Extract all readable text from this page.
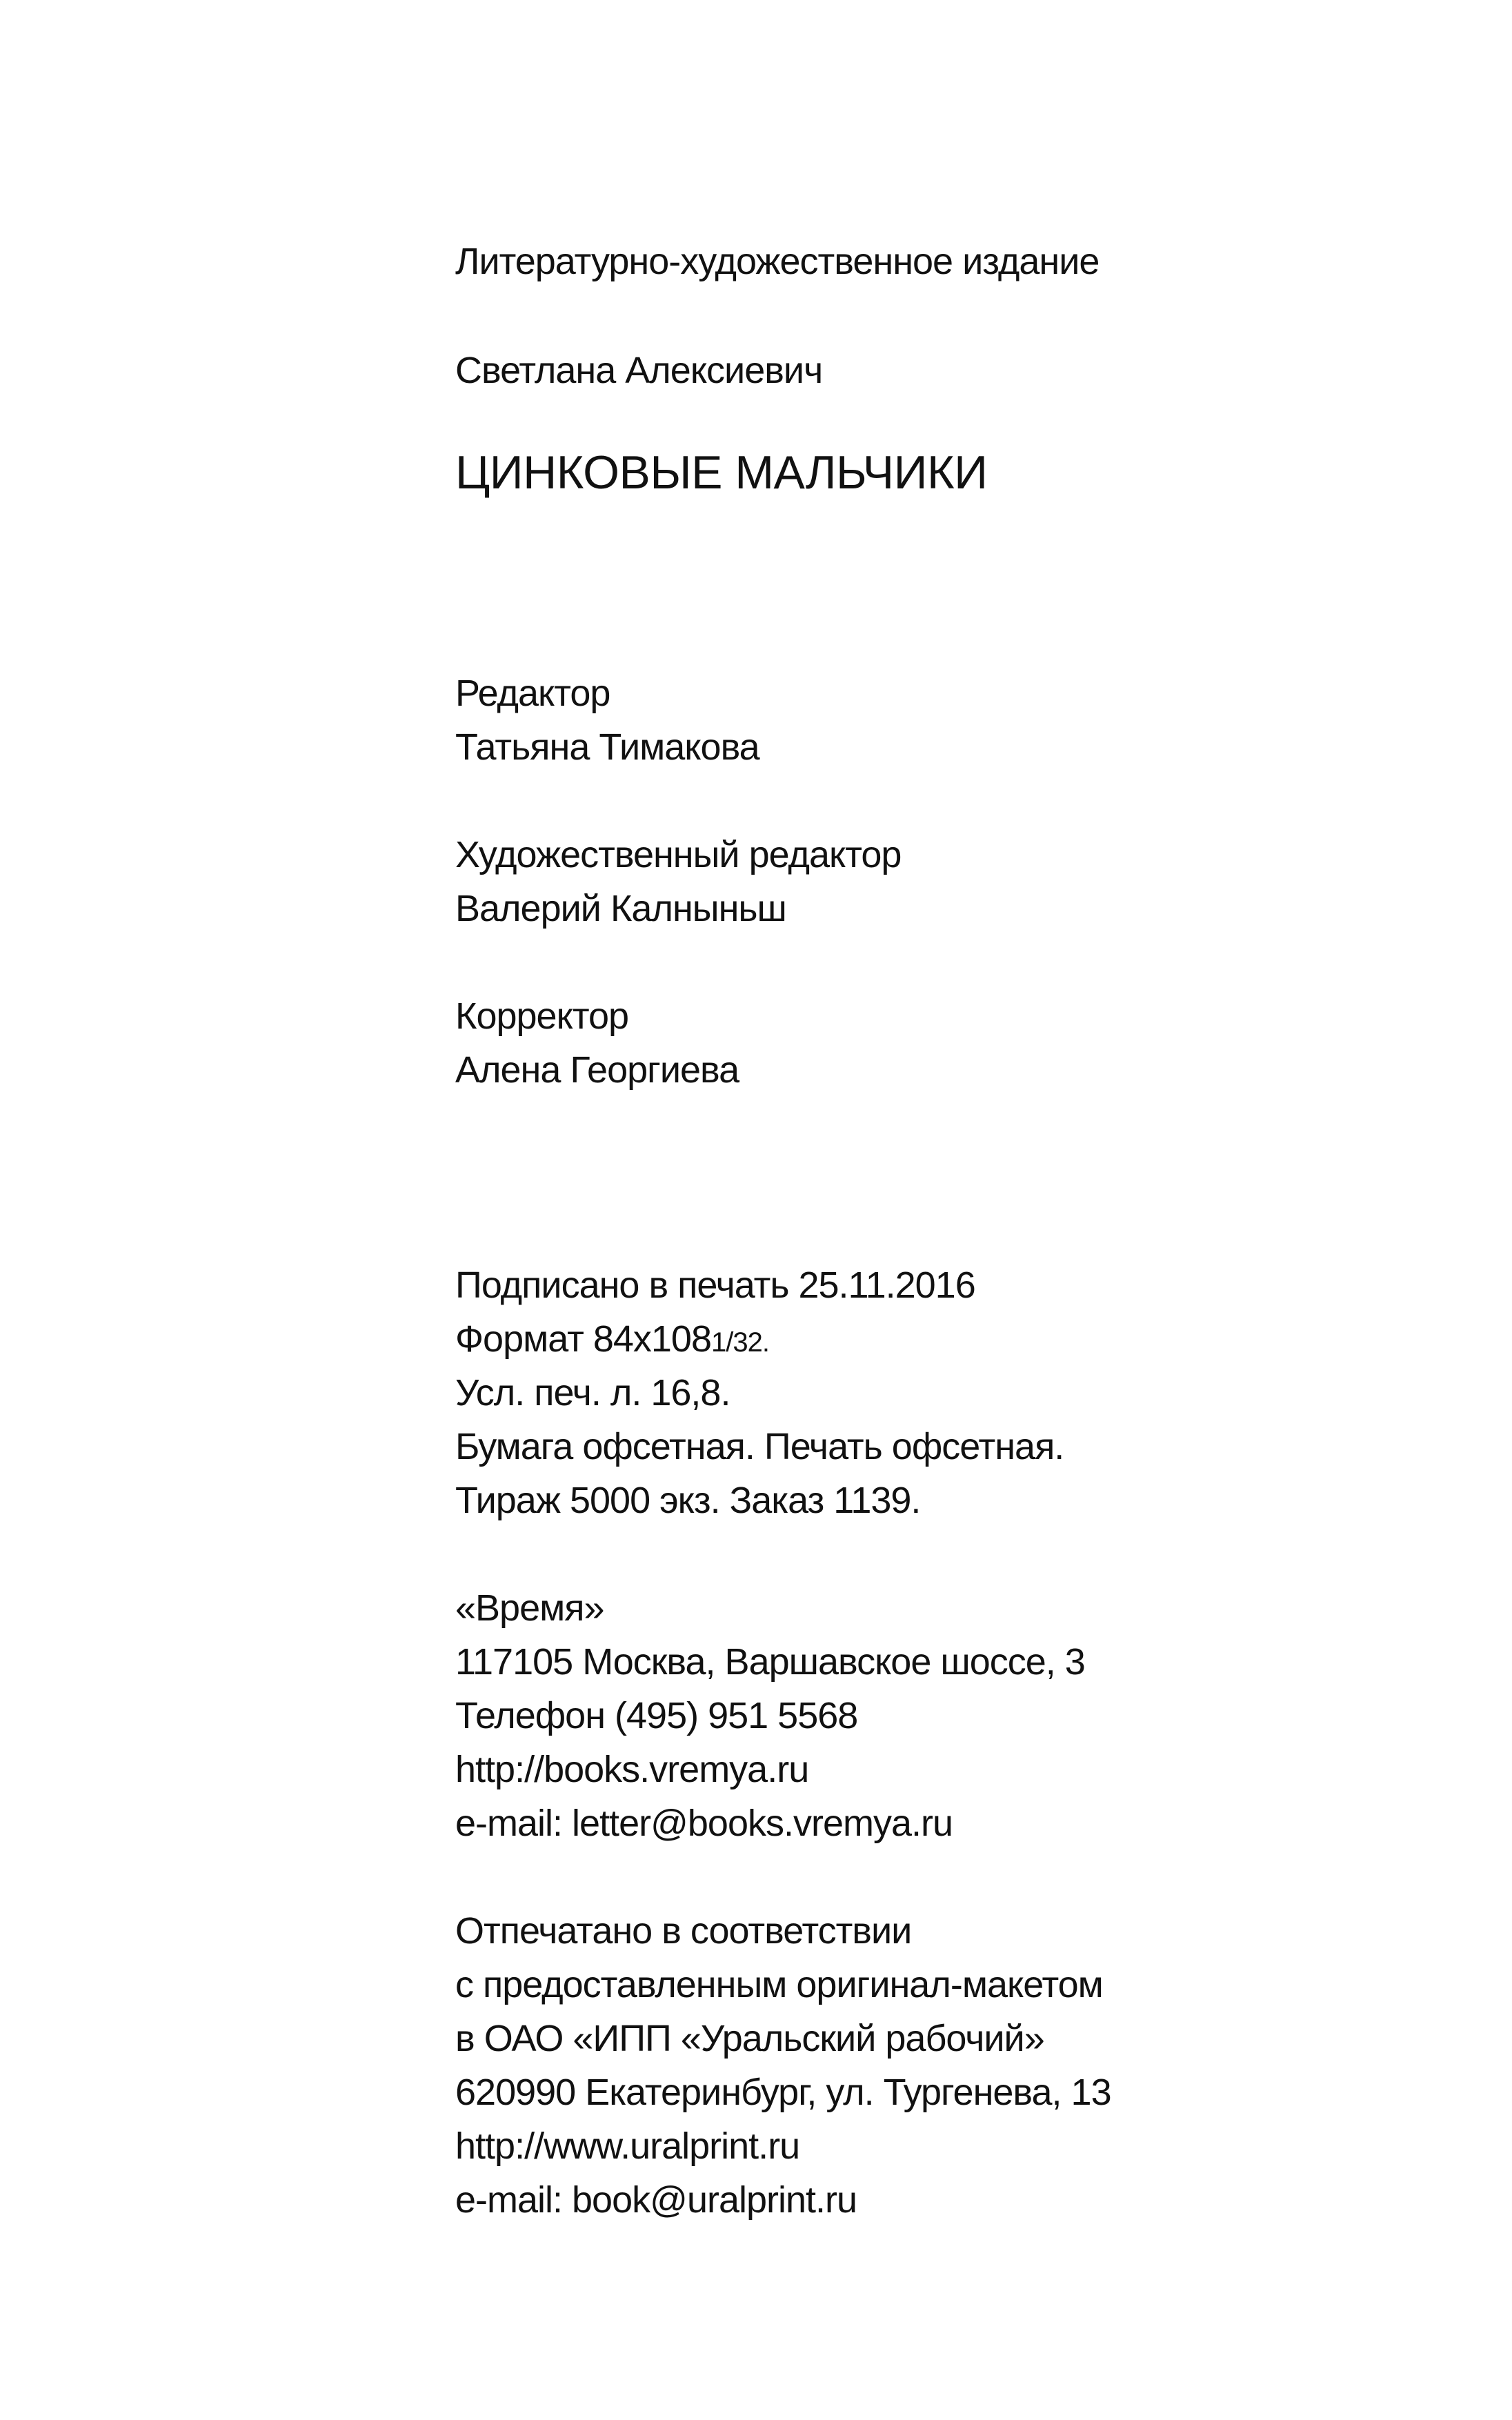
Литературно-художественное издание
Светлана Алексиевич
ЦИНКОВЫЕ МАЛЬЧИКИ
Редактор
Татьяна Тимакова
Художественный редактор
Валерий Калныньш
Корректор
Алена Георгиева
Подписано в печать 25.11.2016
Формат 84x1081/32.
Усл. печ. л. 16,8.
Бумага офсетная. Печать офсетная.
Тираж 5000 экз. Заказ 1139.
«Время»
117105 Москва, Варшавское шоссе, 3
Телефон (495) 951 5568
http://books.vremya.ru
e-mail: letter@books.vremya.ru
Отпечатано в соответствии
с предоставленным оригинал-макетом
в ОАО «ИПП «Уральский рабочий»
620990 Екатеринбург, ул. Тургенева, 13
http://www.uralprint.ru
e-mail: book@uralprint.ru
